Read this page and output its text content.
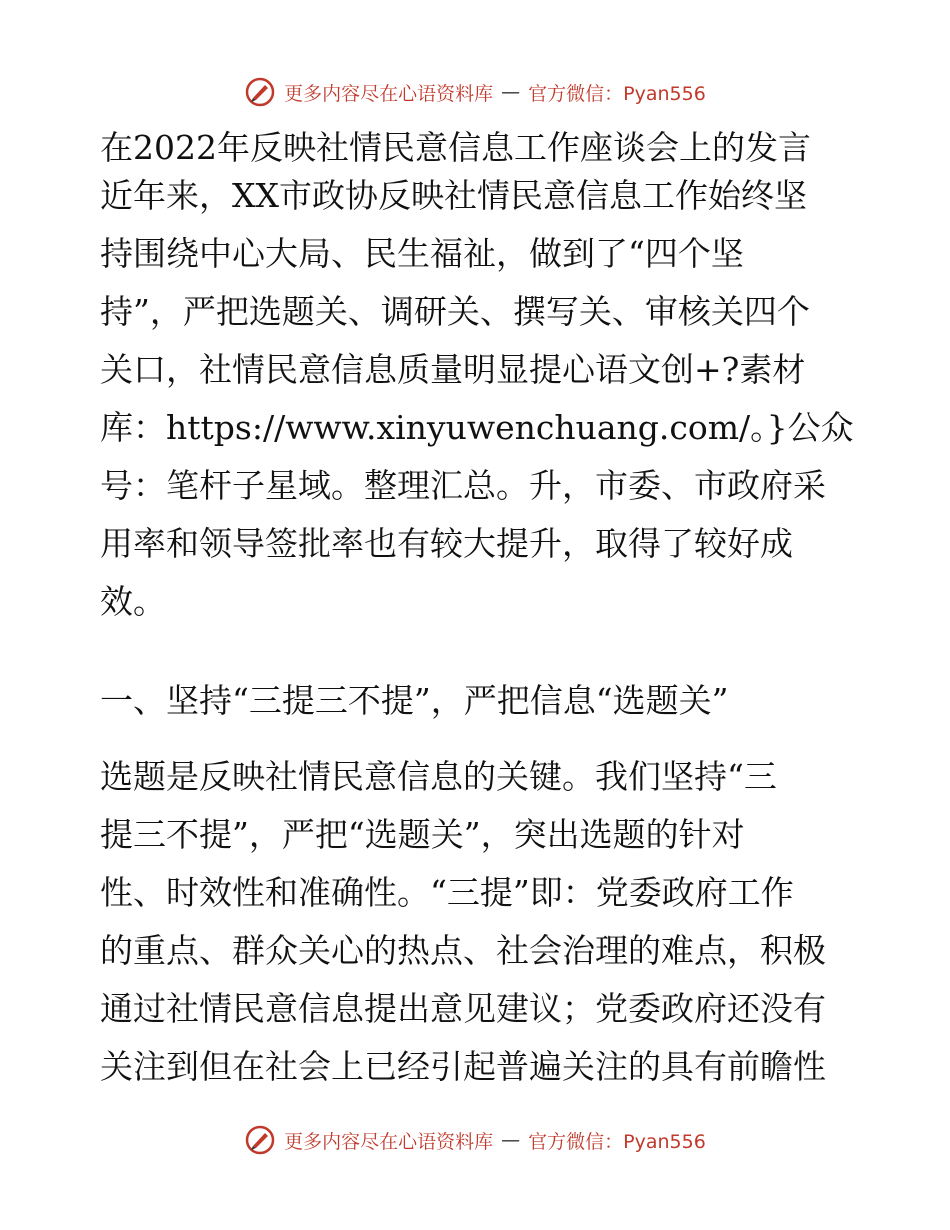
更多内容尽在心语资料库 — 官方微信：Pyan556
在2022年反映社情民意信息工作座谈会上的发言

近年来，XX市政协反映社情民意信息工作始终坚
持围绕中心大局、民生福祉，做到了“四个坚
持”，严把选题关、调研关、撰写关、审核关四个
关口，社情民意信息质量明显提心语文创+?素材
库：https://www.xinyuwenchuang.com/。}公众
号：笔杆子星域。整理汇总。升，市委、市政府采
用率和领导签批率也有较大提升，取得了较好成
效。

一、坚持“三提三不提”，严把信息“选题关”

选题是反映社情民意信息的关键。我们坚持“三
提三不提”，严把“选题关”，突出选题的针对
性、时效性和准确性。“三提”即：党委政府工作
的重点、群众关心的热点、社会治理的难点，积极
通过社情民意信息提出意见建议；党委政府还没有
关注到但在社会上已经引起普遍关注的具有前瞻性

更多内容尽在心语资料库 — 官方微信：Pyan556
